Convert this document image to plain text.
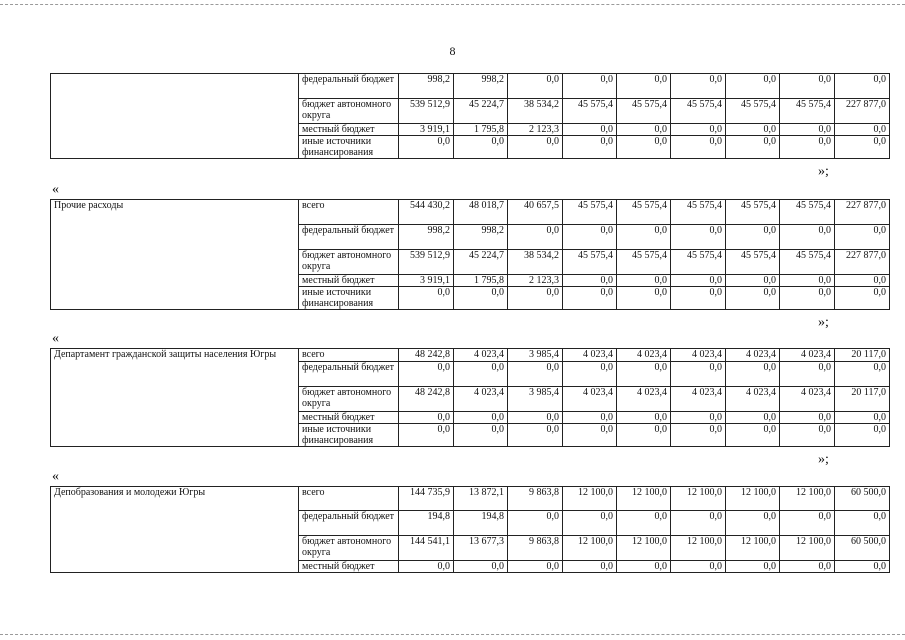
8
	федеральный бюджет	998,2	998,2	0,0	0,0	0,0	0,0	0,0	0,0	0,0
	бюджет автономного округа	539 512,9	45 224,7	38 534,2	45 575,4	45 575,4	45 575,4	45 575,4	45 575,4	227 877,0
	местный бюджет	3 919,1	1 795,8	2 123,3	0,0	0,0	0,0	0,0	0,0	0,0
	иные источники финансирования	0,0	0,0	0,0	0,0	0,0	0,0	0,0	0,0	0,0
Прочие расходы	всего	544 430,2	48 018,7	40 657,5	45 575,4	45 575,4	45 575,4	45 575,4	45 575,4	227 877,0
	федеральный бюджет	998,2	998,2	0,0	0,0	0,0	0,0	0,0	0,0	0,0
	бюджет автономного округа	539 512,9	45 224,7	38 534,2	45 575,4	45 575,4	45 575,4	45 575,4	45 575,4	227 877,0
	местный бюджет	3 919,1	1 795,8	2 123,3	0,0	0,0	0,0	0,0	0,0	0,0
	иные источники финансирования	0,0	0,0	0,0	0,0	0,0	0,0	0,0	0,0	0,0
Департамент гражданской защиты населения Югры	всего	48 242,8	4 023,4	3 985,4	4 023,4	4 023,4	4 023,4	4 023,4	4 023,4	20 117,0
	федеральный бюджет	0,0	0,0	0,0	0,0	0,0	0,0	0,0	0,0	0,0
	бюджет автономного округа	48 242,8	4 023,4	3 985,4	4 023,4	4 023,4	4 023,4	4 023,4	4 023,4	20 117,0
	местный бюджет	0,0	0,0	0,0	0,0	0,0	0,0	0,0	0,0	0,0
	иные источники финансирования	0,0	0,0	0,0	0,0	0,0	0,0	0,0	0,0	0,0
Депобразования и молодежи Югры	всего	144 735,9	13 872,1	9 863,8	12 100,0	12 100,0	12 100,0	12 100,0	12 100,0	60 500,0
	федеральный бюджет	194,8	194,8	0,0	0,0	0,0	0,0	0,0	0,0	0,0
	бюджет автономного округа	144 541,1	13 677,3	9 863,8	12 100,0	12 100,0	12 100,0	12 100,0	12 100,0	60 500,0
	местный бюджет	0,0	0,0	0,0	0,0	0,0	0,0	0,0	0,0	0,0
»;
»;
»;
«
«
«
